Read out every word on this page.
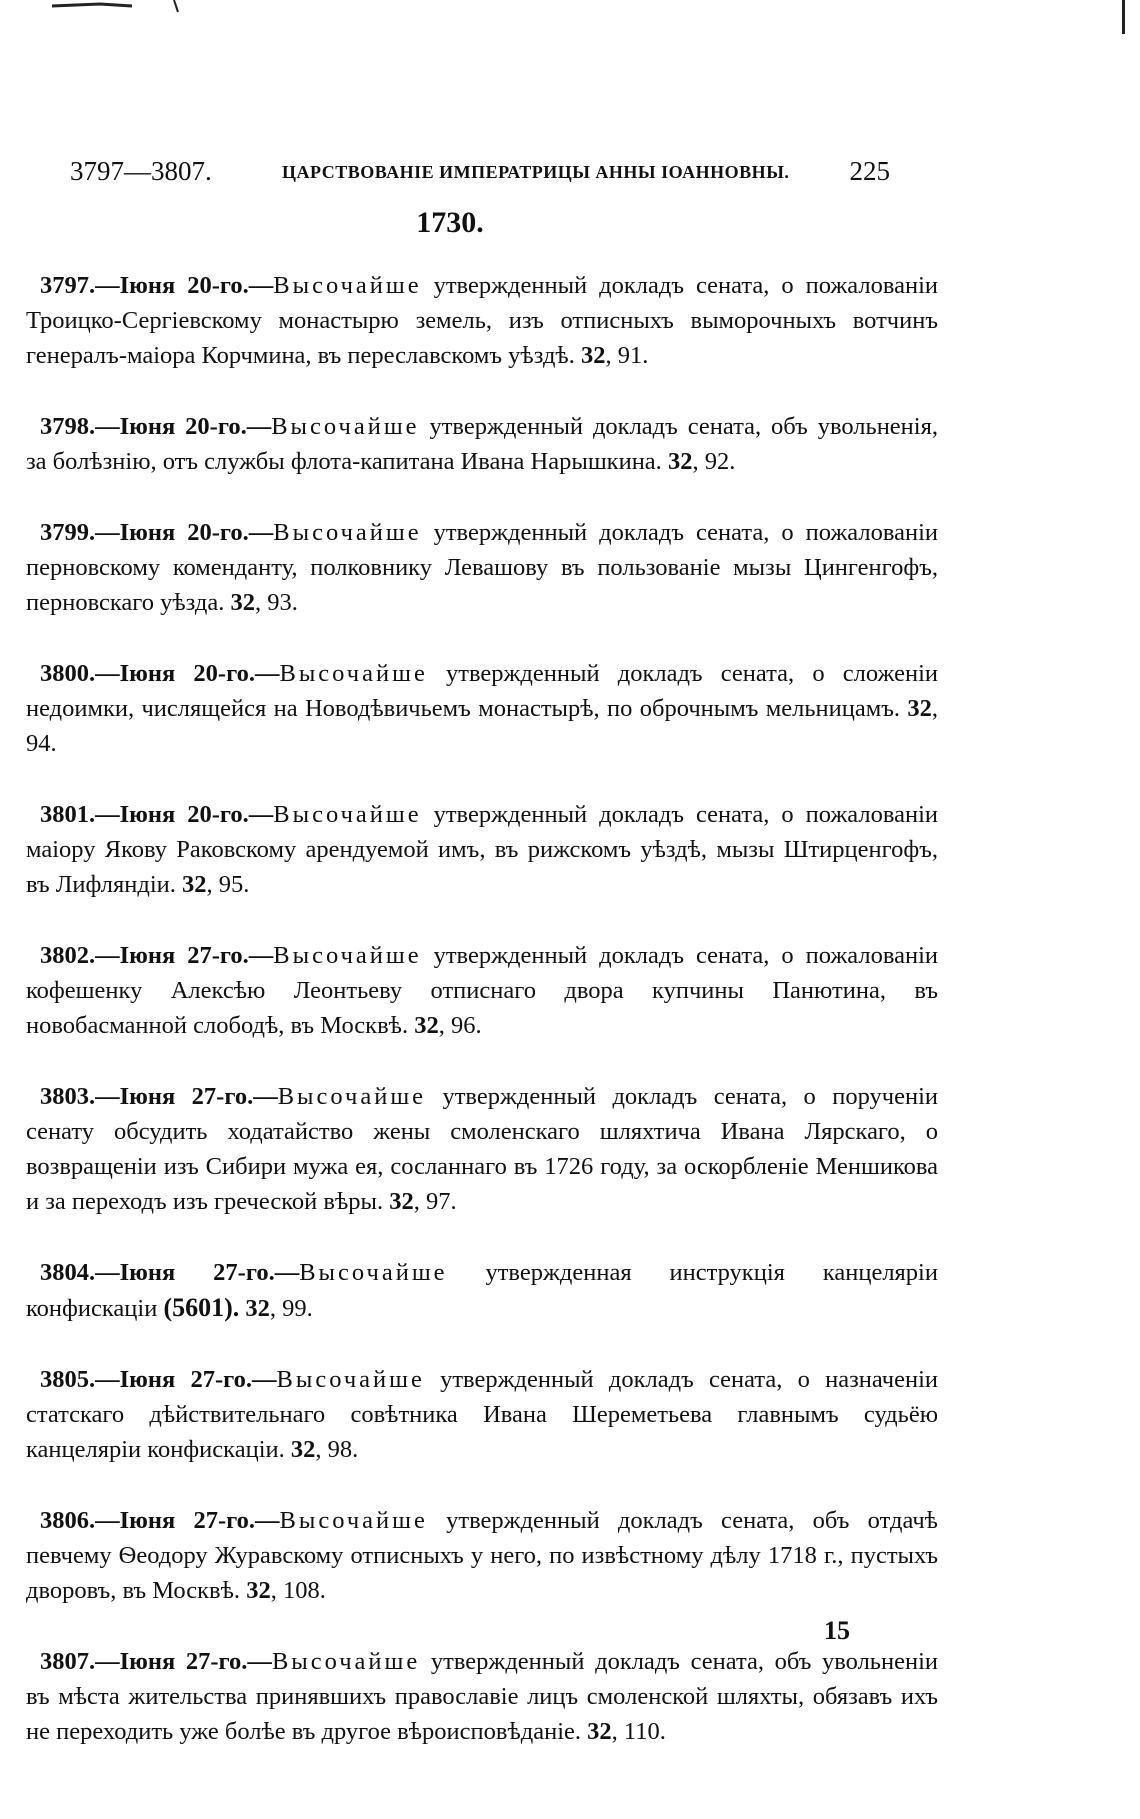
3797—3807.	ЦАРСТВОВАНІЕ ИМПЕРАТРИЦЫ АННЫ ІОАННОВНЫ. 225
1730.

3797.—Іюня 20-го.—Высочайше утвержденный докладъ сената, о пожалованіи Троицко-Сергіевскому монастырю земель, изъ отписныхъ выморочныхъ вотчинъ генералъ-маіора Корчмина, въ переславскомъ уѣздѣ. 32, 91.

3798.—Іюня 20-го.—Высочайше утвержденный докладъ сената, объ увольненія, за болѣзнію, отъ службы флота-капитана Ивана Нарышкина. 32, 92.

3799.—Іюня 20-го.—Высочайше утвержденный докладъ сената, о пожалованіи перновскому коменданту, полковнику Левашову въ пользованіе мызы Цингенгофъ, перновскаго уѣзда. 32, 93.

3800.—Іюня 20-го.—Высочайше утвержденный докладъ сената, о сложеніи недоимки, числящейся на Новодѣвичьемъ монастырѣ, по оброчнымъ мельницамъ. 32, 94.

3801.—Іюня 20-го.—Высочайше утвержденный докладъ сената, о пожалованіи маіору Якову Раковскому арендуемой имъ, въ рижскомъ уѣздѣ, мызы Штирценгофъ, въ Лифляндіи. 32, 95.

3802.—Іюня 27-го.—Высочайше утвержденный докладъ сената, о пожалованіи кофешенку Алексѣю Леонтьеву отписнаго двора купчины Панютина, въ новобасманной слободѣ, въ Москвѣ. 32, 96.

3803.—Іюня 27-го.—Высочайше утвержденный докладъ сената, о порученіи сенату обсудить ходатайство жены смоленскаго шляхтича Ивана Лярскаго, о возвращеніи изъ Сибири мужа ея, сосланнаго въ 1726 году, за оскорбленіе Меншикова и за переходъ изъ греческой вѣры. 32, 97.

3804.—Іюня 27-го.—Высочайше утвержденная инструкція канцеляріи конфискаціи (5601). 32, 99.

3805.—Іюня 27-го.—Высочайше утвержденный докладъ сената, о назначеніи статскаго дѣйствительнаго совѣтника Ивана Шереметьева главнымъ судьёю канцеляріи конфискаціи. 32, 98.

3806.—Іюня 27-го.—Высочайше утвержденный докладъ сената, объ отдачѣ певчему Ѳеодору Журавскому отписныхъ у него, по извѣстному дѣлу 1718 г., пустыхъ дворовъ, въ Москвѣ. 32, 108.

3807.—Іюня 27-го.—Высочайше утвержденный докладъ сената, объ увольненіи въ мѣста жительства принявшихъ православіе лицъ смоленской шляхты, обязавъ ихъ не переходить уже болѣе въ другое вѣроисповѣданіе. 32, 110.

15
